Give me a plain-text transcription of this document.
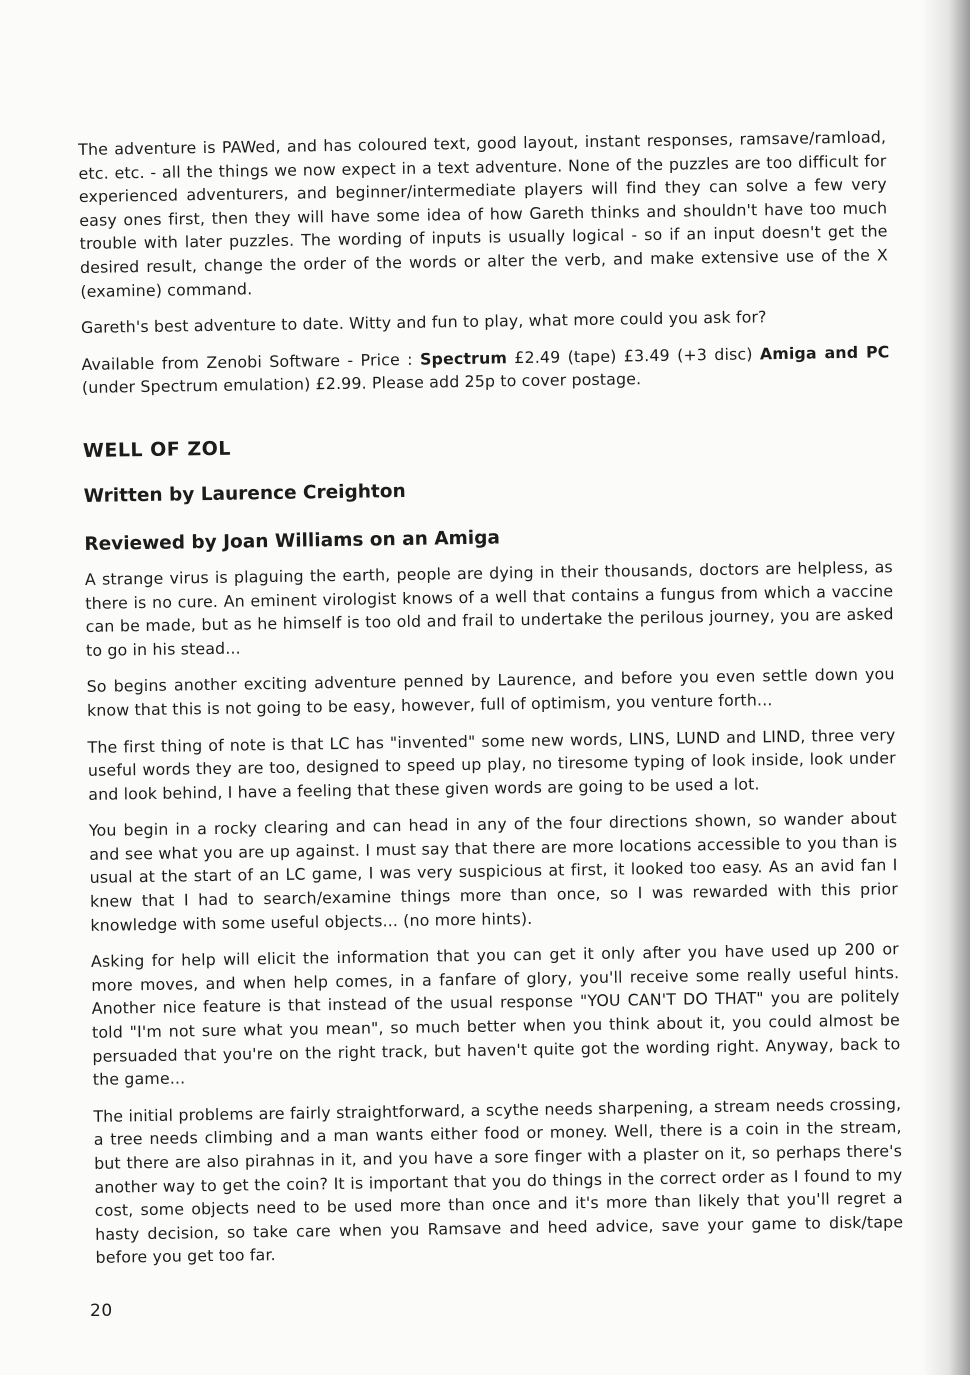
The adventure is PAWed, and has coloured text, good layout, instant responses, ramsave/ramload, etc. etc. - all the things we now expect in a text adventure. None of the puzzles are too difficult for experienced adventurers, and beginner/intermediate players will find they can solve a few very easy ones first, then they will have some idea of how Gareth thinks and shouldn't have too much trouble with later puzzles. The wording of inputs is usually logical - so if an input doesn't get the desired result, change the order of the words or alter the verb, and make extensive use of the X (examine) command.

Gareth's best adventure to date. Witty and fun to play, what more could you ask for?

Available from Zenobi Software - Price : Spectrum £2.49 (tape) £3.49 (+3 disc) Amiga and PC (under Spectrum emulation) £2.99. Please add 25p to cover postage.

WELL OF ZOL
Written by Laurence Creighton
Reviewed by Joan Williams on an Amiga

A strange virus is plaguing the earth, people are dying in their thousands, doctors are helpless, as there is no cure. An eminent virologist knows of a well that contains a fungus from which a vaccine can be made, but as he himself is too old and frail to undertake the perilous journey, you are asked to go in his stead...

So begins another exciting adventure penned by Laurence, and before you even settle down you know that this is not going to be easy, however, full of optimism, you venture forth...

The first thing of note is that LC has "invented" some new words, LINS, LUND and LIND, three very useful words they are too, designed to speed up play, no tiresome typing of look inside, look under and look behind, I have a feeling that these given words are going to be used a lot.

You begin in a rocky clearing and can head in any of the four directions shown, so wander about and see what you are up against. I must say that there are more locations accessible to you than is usual at the start of an LC game, I was very suspicious at first, it looked too easy. As an avid fan I knew that I had to search/examine things more than once, so I was rewarded with this prior knowledge with some useful objects... (no more hints).

Asking for help will elicit the information that you can get it only after you have used up 200 or more moves, and when help comes, in a fanfare of glory, you'll receive some really useful hints. Another nice feature is that instead of the usual response "YOU CAN'T DO THAT" you are politely told "I'm not sure what you mean", so much better when you think about it, you could almost be persuaded that you're on the right track, but haven't quite got the wording right. Anyway, back to the game...

The initial problems are fairly straightforward, a scythe needs sharpening, a stream needs crossing, a tree needs climbing and a man wants either food or money. Well, there is a coin in the stream, but there are also pirahnas in it, and you have a sore finger with a plaster on it, so perhaps there's another way to get the coin? It is important that you do things in the correct order as I found to my cost, some objects need to be used more than once and it's more than likely that you'll regret a hasty decision, so take care when you Ramsave and heed advice, save your game to disk/tape before you get too far.

20
